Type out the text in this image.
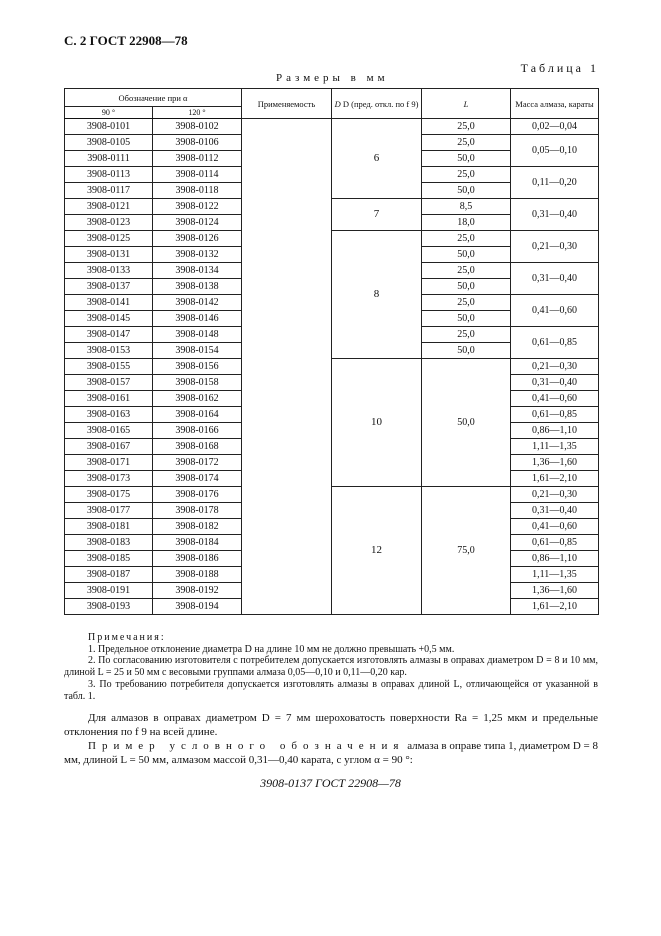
С. 2 ГОСТ 22908—78
Таблица 1
Размеры в мм
Обозначение при α		Применяемость	D D (пред. откл. по f 9)	L	Масса алмаза, караты
90 °	120 °				
3908-0101	3908-0102		6	25,0	0,02—0,04
3908-0105	3908-0106			25,0	0,05—0,10
3908-0111	3908-0112			50,0	
3908-0113	3908-0114			25,0	0,11—0,20
3908-0117	3908-0118			50,0	
3908-0121	3908-0122		7	8,5	0,31—0,40
3908-0123	3908-0124			18,0	
3908-0125	3908-0126		8	25,0	0,21—0,30
3908-0131	3908-0132			50,0	
3908-0133	3908-0134			25,0	0,31—0,40
3908-0137	3908-0138			50,0	
3908-0141	3908-0142			25,0	0,41—0,60
3908-0145	3908-0146			50,0	
3908-0147	3908-0148			25,0	0,61—0,85
3908-0153	3908-0154			50,0	
3908-0155	3908-0156		10	50,0	0,21—0,30
3908-0157	3908-0158				0,31—0,40
3908-0161	3908-0162				0,41—0,60
3908-0163	3908-0164				0,61—0,85
3908-0165	3908-0166				0,86—1,10
3908-0167	3908-0168				1,11—1,35
3908-0171	3908-0172				1,36—1,60
3908-0173	3908-0174				1,61—2,10
3908-0175	3908-0176		12	75,0	0,21—0,30
3908-0177	3908-0178				0,31—0,40
3908-0181	3908-0182				0,41—0,60
3908-0183	3908-0184				0,61—0,85
3908-0185	3908-0186				0,86—1,10
3908-0187	3908-0188				1,11—1,35
3908-0191	3908-0192				1,36—1,60
3908-0193	3908-0194				1,61—2,10

Примечания:

1. Предельное отклонение диаметра D на длине 10 мм не должно превышать +0,5 мм.

2. По согласованию изготовителя с потребителем допускается изготовлять алмазы в оправах диаметром D = 8 и 10 мм, длиной L = 25 и 50 мм с весовыми группами алмаза 0,05—0,10 и 0,11—0,20 кар.

3. По требованию потребителя допускается изготовлять алмазы в оправах длиной L, отличающейся от указанной в табл. 1.

Для алмазов в оправах диаметром D = 7 мм шероховатость поверхности Ra = 1,25 мкм и предельные отклонения по f 9 на всей длине.
Пример условного обозначения алмаза в оправе типа 1, диаметром D = 8 мм, длиной L = 50 мм, алмазом массой 0,31—0,40 карата, с углом α = 90 °:
3908-0137 ГОСТ 22908—78
